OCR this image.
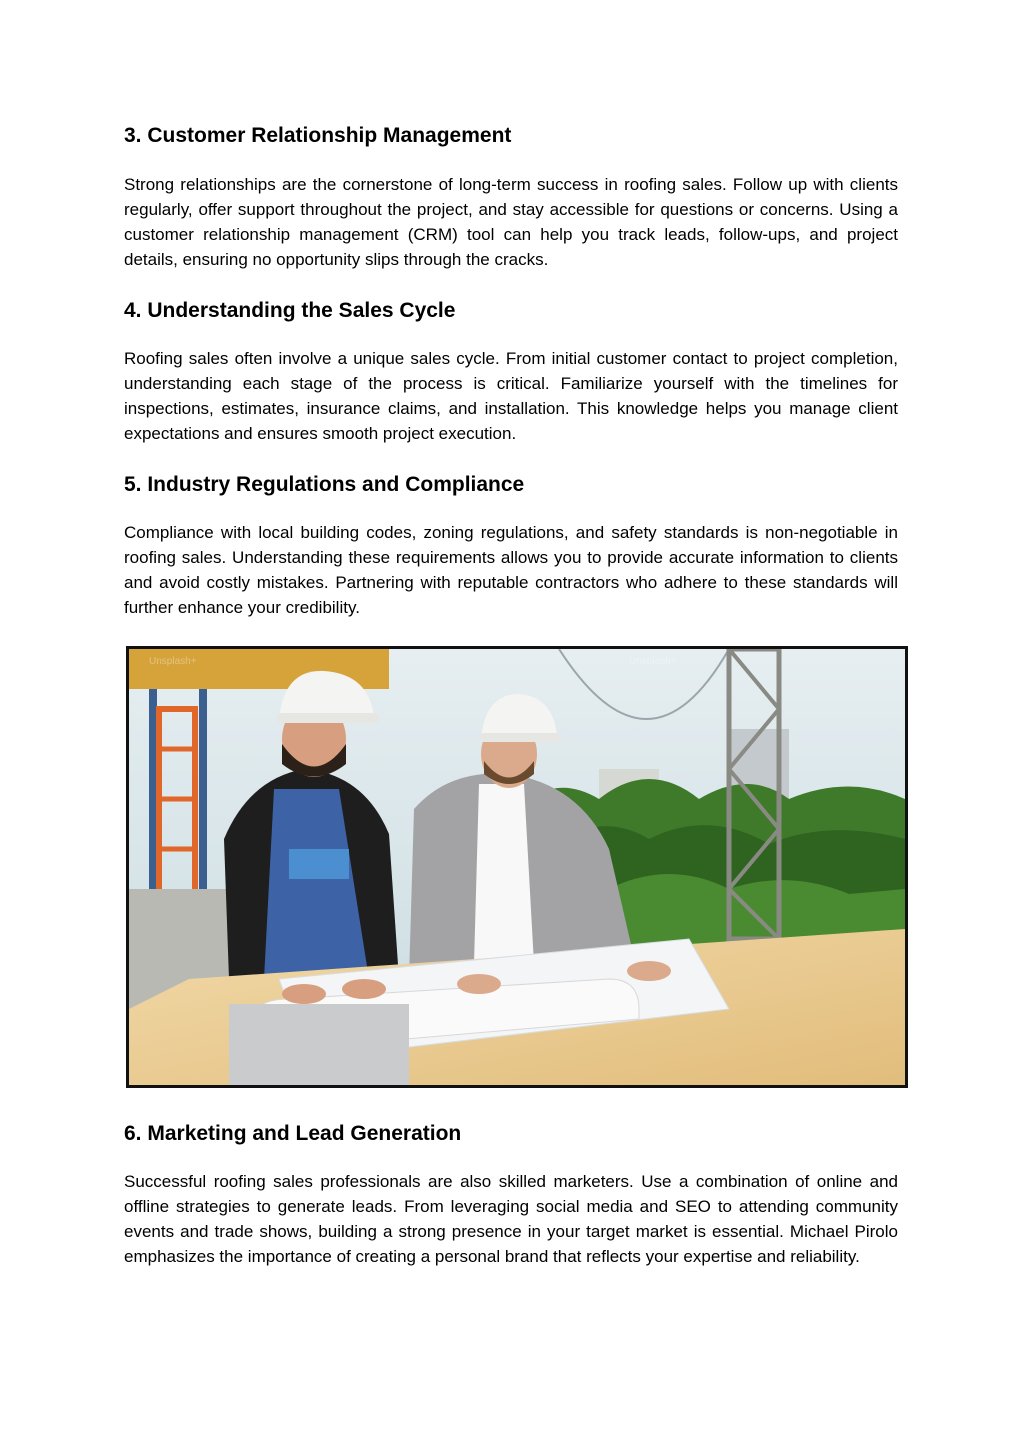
3. Customer Relationship Management

Strong relationships are the cornerstone of long-term success in roofing sales. Follow up with clients regularly, offer support throughout the project, and stay accessible for questions or concerns. Using a customer relationship management (CRM) tool can help you track leads, follow-ups, and project details, ensuring no opportunity slips through the cracks.

4. Understanding the Sales Cycle

Roofing sales often involve a unique sales cycle. From initial customer contact to project completion, understanding each stage of the process is critical. Familiarize yourself with the timelines for inspections, estimates, insurance claims, and installation. This knowledge helps you manage client expectations and ensures smooth project execution.

5. Industry Regulations and Compliance

Compliance with local building codes, zoning regulations, and safety standards is non-negotiable in roofing sales. Understanding these requirements allows you to provide accurate information to clients and avoid costly mistakes. Partnering with reputable contractors who adhere to these standards will further enhance your credibility.

Unsplash+	Unsplash+
6. Marketing and Lead Generation

Successful roofing sales professionals are also skilled marketers. Use a combination of online and offline strategies to generate leads. From leveraging social media and SEO to attending community events and trade shows, building a strong presence in your target market is essential. Michael Pirolo emphasizes the importance of creating a personal brand that reflects your expertise and reliability.
